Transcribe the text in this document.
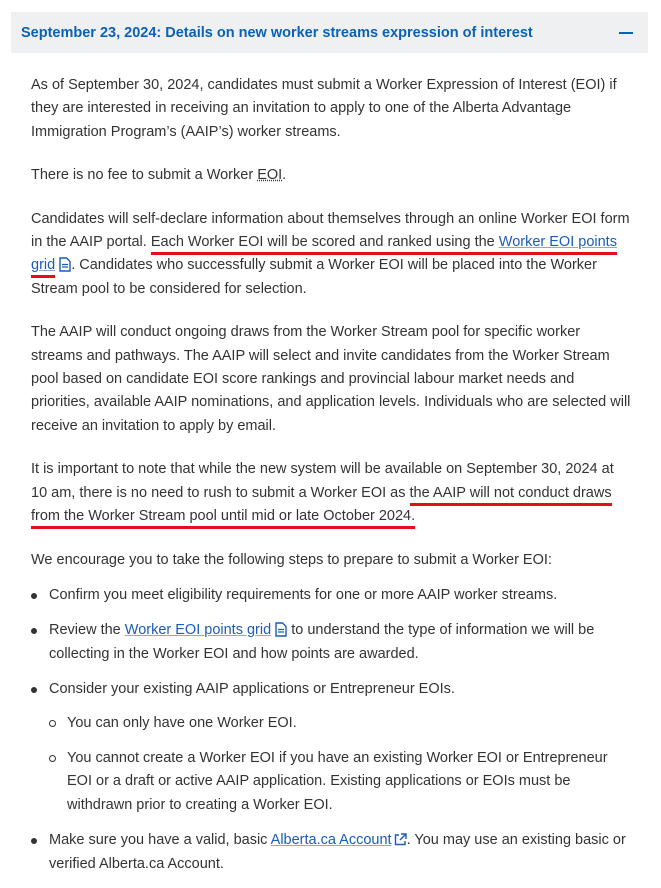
September 23, 2024: Details on new worker streams expression of interest

As of September 30, 2024, candidates must submit a Worker Expression of Interest (EOI) if they are interested in receiving an invitation to apply to one of the Alberta Advantage Immigration Program’s (AAIP’s) worker streams.

There is no fee to submit a Worker EOI.

Candidates will self-declare information about themselves through an online Worker EOI form in the AAIP portal. Each Worker EOI will be scored and ranked using the Worker EOI points grid . Candidates who successfully submit a Worker EOI will be placed into the Worker Stream pool to be considered for selection.

The AAIP will conduct ongoing draws from the Worker Stream pool for specific worker streams and pathways. The AAIP will select and invite candidates from the Worker Stream pool based on candidate EOI score rankings and provincial labour market needs and priorities, available AAIP nominations, and application levels. Individuals who are selected will receive an invitation to apply by email.

It is important to note that while the new system will be available on September 30, 2024 at 10 am, there is no need to rush to submit a Worker EOI as the AAIP will not conduct draws from the Worker Stream pool until mid or late October 2024.

We encourage you to take the following steps to prepare to submit a Worker EOI:

Confirm you meet eligibility requirements for one or more AAIP worker streams.
Review the Worker EOI points grid  to understand the type of information we will be collecting in the Worker EOI and how points are awarded.
Consider your existing AAIP applications or Entrepreneur EOIs.
You can only have one Worker EOI.
You cannot create a Worker EOI if you have an existing Worker EOI or Entrepreneur EOI or a draft or active AAIP application. Existing applications or EOIs must be withdrawn prior to creating a Worker EOI.
Make sure you have a valid, basic Alberta.ca Account . You may use an existing basic or verified Alberta.ca Account.
